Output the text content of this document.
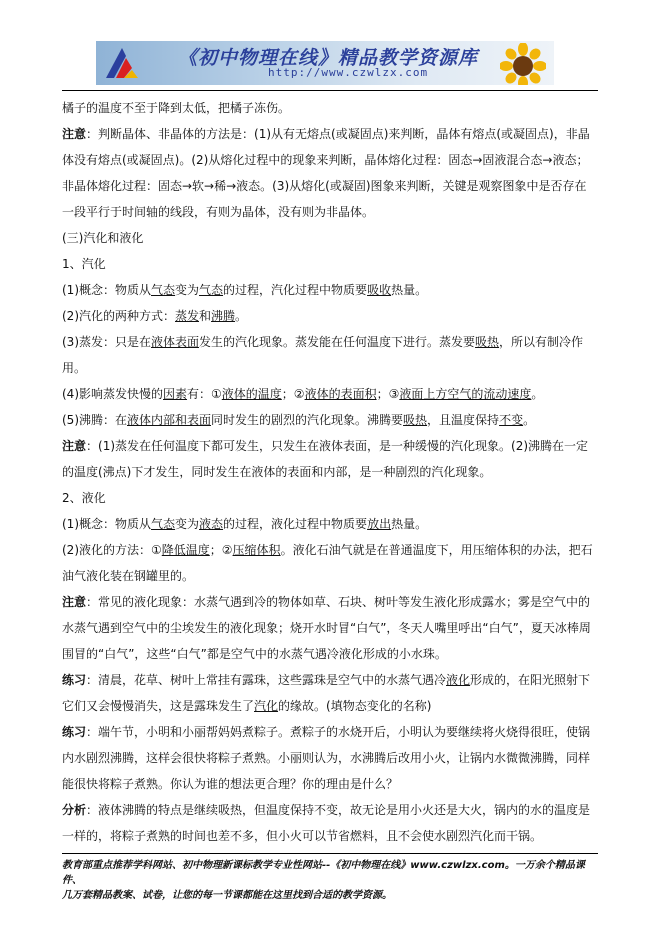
《初中物理在线》精品教学资源库
http://www.czwlzx.com

橘子的温度不至于降到太低，把橘子冻伤。

注意：判断晶体、非晶体的方法是：(1)从有无熔点(或凝固点)来判断，晶体有熔点(或凝固点)，非晶体没有熔点(或凝固点)。(2)从熔化过程中的现象来判断，晶体熔化过程：固态→固液混合态→液态；非晶体熔化过程：固态→软→稀→液态。(3)从熔化(或凝固)图象来判断，关键是观察图象中是否存在一段平行于时间轴的线段，有则为晶体，没有则为非晶体。

(三)汽化和液化

1、汽化

(1)概念：物质从气态变为气态的过程，汽化过程中物质要吸收热量。

(2)汽化的两种方式：蒸发和沸腾。

(3)蒸发：只是在液体表面发生的汽化现象。蒸发能在任何温度下进行。蒸发要吸热，所以有制冷作用。

(4)影响蒸发快慢的因素有：①液体的温度；②液体的表面积；③液面上方空气的流动速度。

(5)沸腾：在液体内部和表面同时发生的剧烈的汽化现象。沸腾要吸热，且温度保持不变。

注意：(1)蒸发在任何温度下都可发生，只发生在液体表面，是一种缓慢的汽化现象。(2)沸腾在一定的温度(沸点)下才发生，同时发生在液体的表面和内部，是一种剧烈的汽化现象。

2、液化

(1)概念：物质从气态变为液态的过程，液化过程中物质要放出热量。

(2)液化的方法：①降低温度；②压缩体积。液化石油气就是在普通温度下，用压缩体积的办法，把石油气液化装在钢罐里的。

注意：常见的液化现象：水蒸气遇到冷的物体如草、石块、树叶等发生液化形成露水；雾是空气中的水蒸气遇到空气中的尘埃发生的液化现象；烧开水时冒“白气”，冬天人嘴里呼出“白气”，夏天冰棒周围冒的“白气”，这些“白气”都是空气中的水蒸气遇冷液化形成的小水珠。

练习：清晨，花草、树叶上常挂有露珠，这些露珠是空气中的水蒸气遇冷液化形成的，在阳光照射下它们又会慢慢消失，这是露珠发生了汽化的缘故。(填物态变化的名称)

练习：端午节，小明和小丽帮妈妈煮粽子。煮粽子的水烧开后，小明认为要继续将火烧得很旺，使锅内水剧烈沸腾，这样会很快将粽子煮熟。小丽则认为，水沸腾后改用小火，让锅内水微微沸腾，同样能很快将粽子煮熟。你认为谁的想法更合理？你的理由是什么？

分析：液体沸腾的特点是继续吸热，但温度保持不变，故无论是用小火还是大火，锅内的水的温度是一样的，将粽子煮熟的时间也差不多，但小火可以节省燃料，且不会使水剧烈汽化而干锅。

教育部重点推荐学科网站、初中物理新课标教学专业性网站--《初中物理在线》www.czwlzx.com。一万余个精品课件、
几万套精品教案、试卷，让您的每一节课都能在这里找到合适的教学资源。
